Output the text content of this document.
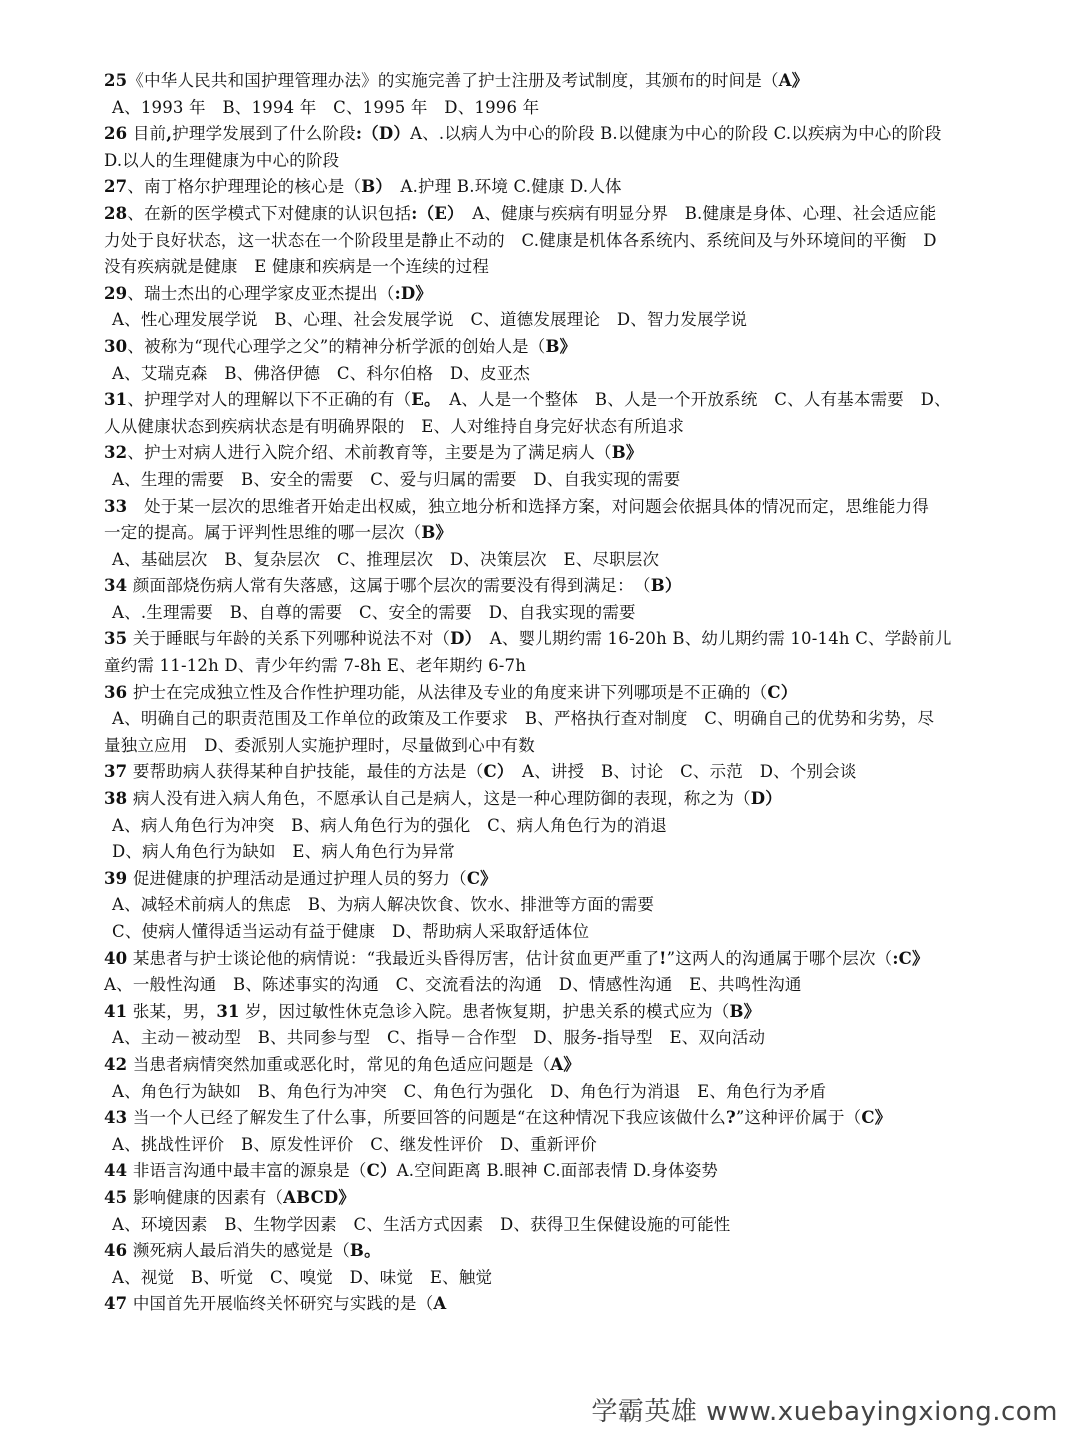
25《中华人民共和国护理管理办法》的实施完善了护士注册及考试制度，其颁布的时间是（A》
A、1993 年　B、1994 年　C、1995 年　D、1996 年
26 目前,护理学发展到了什么阶段:（D）A、.以病人为中心的阶段 B.以健康为中心的阶段 C.以疾病为中心的阶段
D.以人的生理健康为中心的阶段
27、南丁格尔护理理论的核心是（B）　A.护理 B.环境 C.健康 D.人体
28、在新的医学模式下对健康的认识包括:（E）　A、健康与疾病有明显分界　B.健康是身体、心理、社会适应能
力处于良好状态，这一状态在一个阶段里是静止不动的　C.健康是机体各系统内、系统间及与外环境间的平衡　D
没有疾病就是健康　E 健康和疾病是一个连续的过程
29、瑞士杰出的心理学家皮亚杰提出（:D》
A、性心理发展学说　B、心理、社会发展学说　C、道德发展理论　D、智力发展学说
30、被称为“现代心理学之父”的精神分析学派的创始人是（B》
A、艾瑞克森　B、佛洛伊德　C、科尔伯格　D、皮亚杰
31、护理学对人的理解以下不正确的有（E。　A、人是一个整体　B、人是一个开放系统　C、人有基本需要　D、
人从健康状态到疾病状态是有明确界限的　E、人对维持自身完好状态有所追求
32、护士对病人进行入院介绍、术前教育等，主要是为了满足病人（B》
A、生理的需要　B、安全的需要　C、爱与归属的需要　D、自我实现的需要
33　处于某一层次的思维者开始走出权威，独立地分析和选择方案，对问题会依据具体的情况而定，思维能力得
一定的提高。属于评判性思维的哪一层次（B》
A、基础层次　B、复杂层次　C、推理层次　D、决策层次　E、尽职层次
34 颜面部烧伤病人常有失落感，这属于哪个层次的需要没有得到满足：　（B）
A、.生理需要　B、自尊的需要　C、安全的需要　D、自我实现的需要
35 关于睡眠与年龄的关系下列哪种说法不对（D）　A、婴儿期约需 16-20h B、幼儿期约需 10-14h C、学龄前儿
童约需 11-12h D、青少年约需 7-8h E、老年期约 6-7h
36 护士在完成独立性及合作性护理功能，从法律及专业的角度来讲下列哪项是不正确的（C）
A、明确自己的职责范围及工作单位的政策及工作要求　B、严格执行查对制度　C、明确自己的优势和劣势，尽
量独立应用　D、委派别人实施护理时，尽量做到心中有数
37 要帮助病人获得某种自护技能，最佳的方法是（C）　A、讲授　B、讨论　C、示范　D、个别会谈
38 病人没有进入病人角色，不愿承认自己是病人，这是一种心理防御的表现，称之为（D）
A、病人角色行为冲突　B、病人角色行为的强化　C、病人角色行为的消退
D、病人角色行为缺如　E、病人角色行为异常
39 促进健康的护理活动是通过护理人员的努力（C》
A、减轻术前病人的焦虑　B、为病人解决饮食、饮水、排泄等方面的需要
C、使病人懂得适当运动有益于健康　D、帮助病人采取舒适体位
40 某患者与护士谈论他的病情说：“我最近头昏得厉害，估计贫血更严重了!”这两人的沟通属于哪个层次（:C》
A、一般性沟通　B、陈述事实的沟通　C、交流看法的沟通　D、情感性沟通　E、共鸣性沟通
41 张某，男，31 岁，因过敏性休克急诊入院。患者恢复期，护患关系的模式应为（B》
A、主动－被动型　B、共同参与型　C、指导－合作型　D、服务-指导型　E、双向活动
42 当患者病情突然加重或恶化时，常见的角色适应问题是（A》
A、角色行为缺如　B、角色行为冲突　C、角色行为强化　D、角色行为消退　E、角色行为矛盾
43 当一个人已经了解发生了什么事，所要回答的问题是“在这种情况下我应该做什么?”这种评价属于（C》
A、挑战性评价　B、原发性评价　C、继发性评价　D、重新评价
44 非语言沟通中最丰富的源泉是（C）A.空间距离 B.眼神 C.面部表情 D.身体姿势
45 影响健康的因素有（ABCD》
A、环境因素　B、生物学因素　C、生活方式因素　D、获得卫生保健设施的可能性
46 濒死病人最后消失的感觉是（B。
A、视觉　B、听觉　C、嗅觉　D、味觉　E、触觉
47 中国首先开展临终关怀研究与实践的是（A
学霸英雄 www.xuebayingxiong.com
